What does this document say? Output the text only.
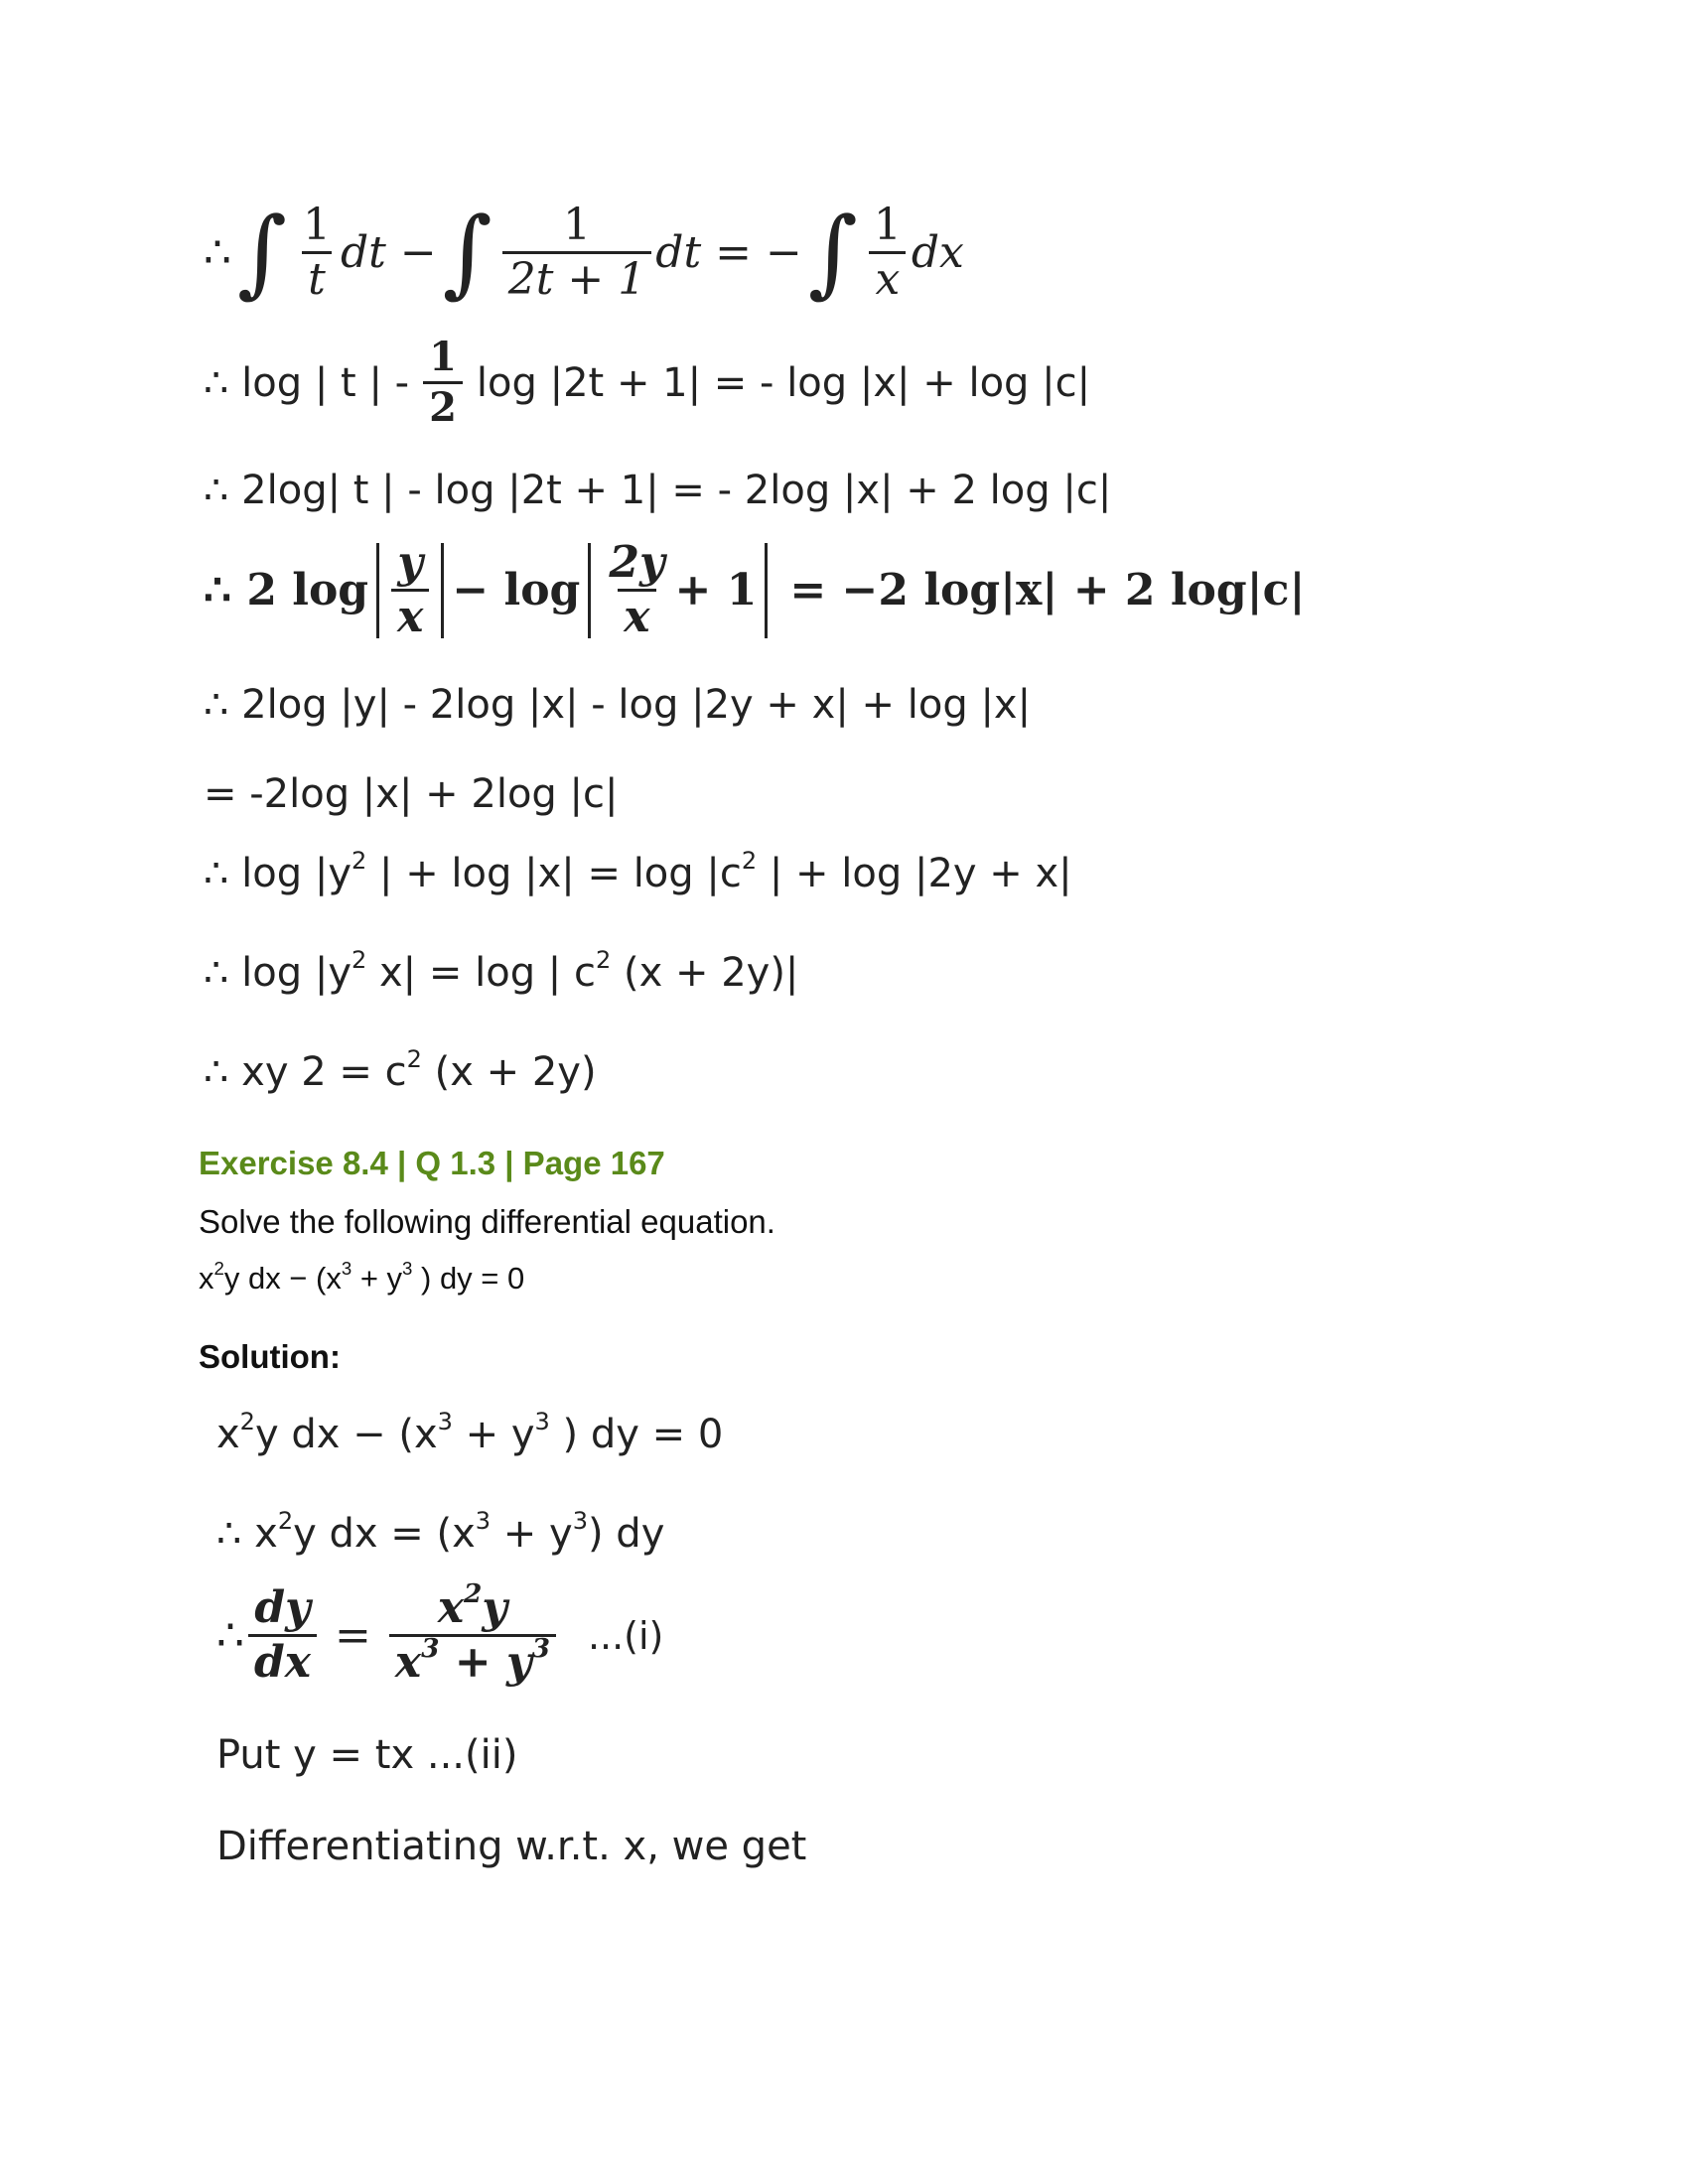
∴ ∫ $\frac{1}{t}$ dt − ∫ $\frac{1}{2t + 1}$ dt = − ∫ $\frac{1}{x}$ dx
∴ log | t | - $\frac{1}{2}$ log |2t + 1| = - log |x| + log |c|
∴ 2log| t | - log |2t + 1| = - 2log |x| + 2 log |c|
∴ 2 $\log \frac{y}{x} - \log \frac{2y}{x} + 1 = -2$ log|x| + 2 log|c|
∴ 2log |y| - 2log |x| - log |2y + x| + log |x|
= -2log |x| + 2log |c|
∴ $\log |y^2$ | + $\log |x| = \log |c^2$ | + log |2y + x|
∴ $\log |y^2$ x| = log | $c^2$ (x + 2y)|
∴ xy $2 = c^2$ (x + 2y)
Exercise 8.4 | Q 1.3 | Page 167
Solve the following differential equation.
$x^2y$ dx − ($x^3 + y^3$ ) dy = 0
Solution:
$x^2y$ dx − ($x^3 + y^3$ ) dy = 0
∴ $x^2y$ dx = $(x^3 + y^3)$ dy
∴ $\frac{dy}{dx} = \frac{x^2y}{x^3 + y^3} ...(i)$
Put y = tx ...(ii)
Differentiating w.r.t. x, we get
